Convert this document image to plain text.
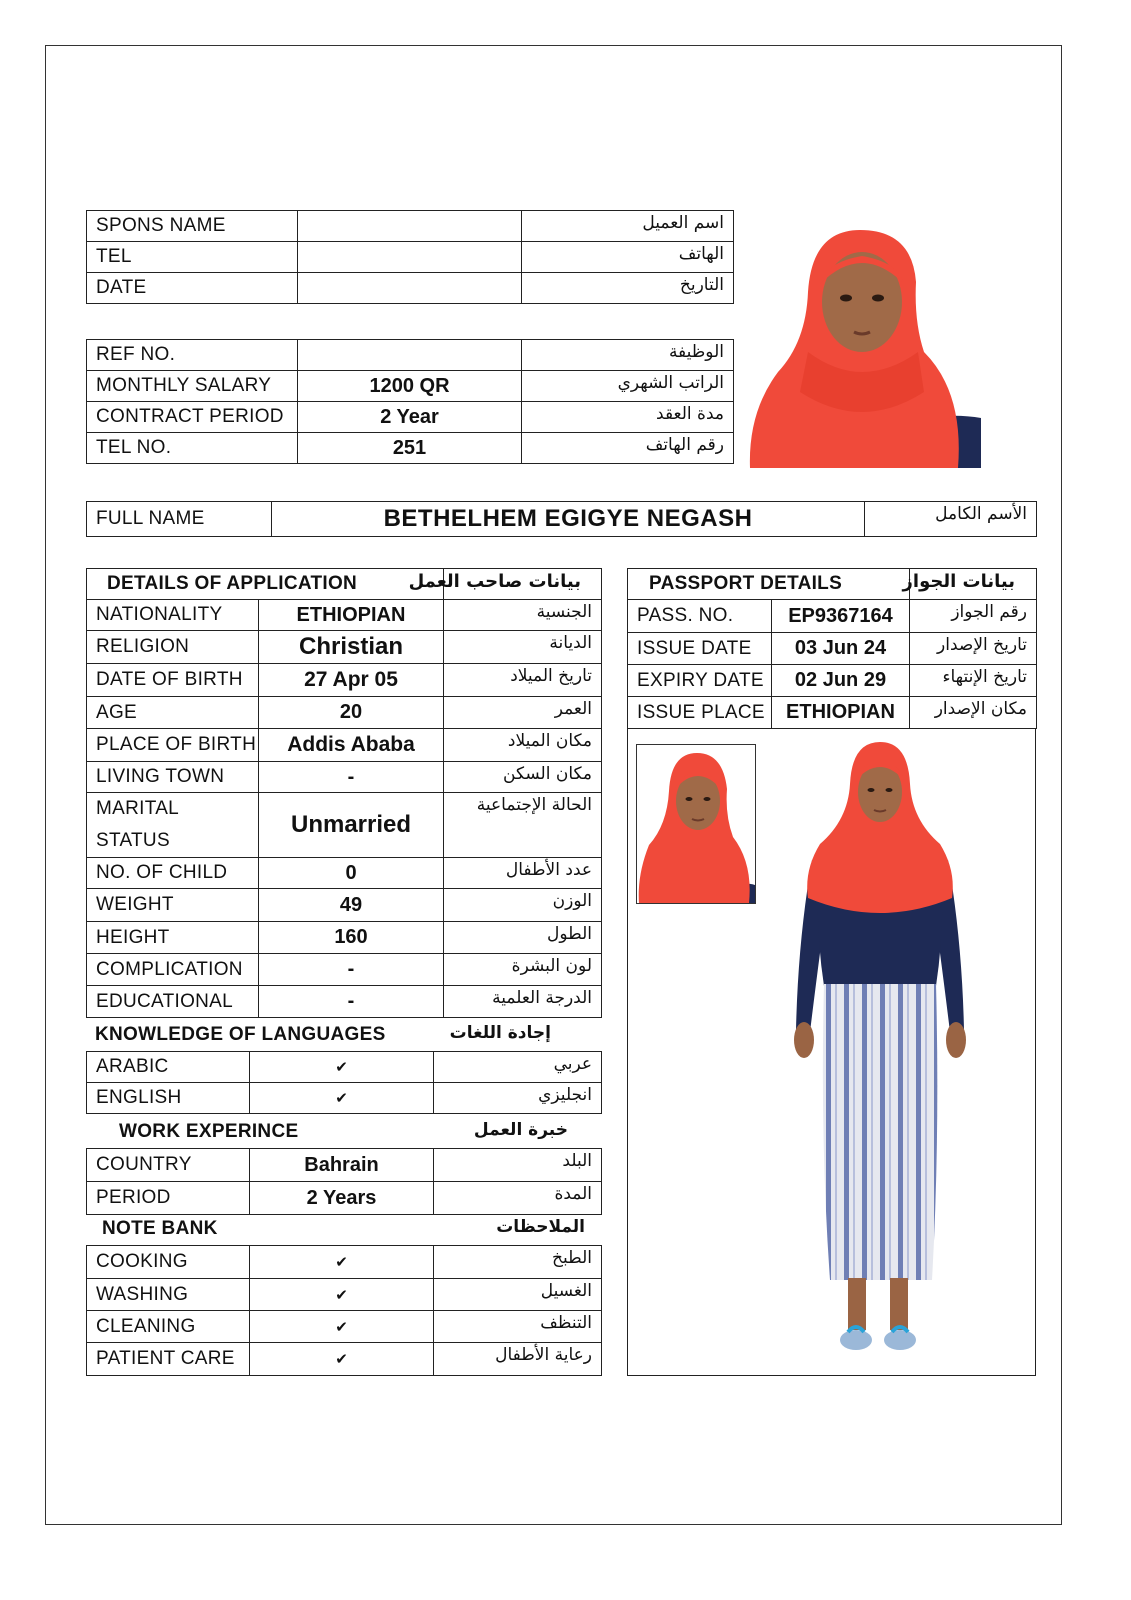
SPONS NAME		اسم العميل
TEL		الهاتف
DATE		التاريخ
REF NO.		الوظيفة
MONTHLY SALARY	1200 QR	الراتب الشهري
CONTRACT PERIOD	2 Year	مدة العقد
TEL NO.	251	رقم الهاتف
FULL NAME	BETHELHEM EGIGYE NEGASH	الأسم الكامل
DETAILS OF APPLICATION		بيانات صاحب العمل
NATIONALITY	ETHIOPIAN	الجنسية
RELIGION	Christian	الديانة
DATE OF BIRTH	27 Apr 05	تاريخ الميلاد
AGE	20	العمر
PLACE OF BIRTH	Addis Ababa	مكان الميلاد
LIVING TOWN	-	مكان السكن
MARITAL STATUS	Unmarried	الحالة الإجتماعية
NO. OF CHILD	0	عدد الأطفال
WEIGHT	49	الوزن
HEIGHT	160	الطول
COMPLICATION	-	لون البشرة
EDUCATIONAL	-	الدرجة العلمية
KNOWLEDGE OF LANGUAGES	إجادة اللغات
ARABIC	✔	عربي
ENGLISH	✔	انجليزي
WORK EXPERINCE	خبرة العمل
COUNTRY	Bahrain	البلد
PERIOD	2 Years	المدة
NOTE BANK	الملاحظات
COOKING	✔	الطبخ
WASHING	✔	الغسيل
CLEANING	✔	التنظف
PATIENT CARE	✔	رعاية الأطفال
PASSPORT DETAILS		بيانات الجواز
PASS. NO.	EP9367164	رقم الجواز
ISSUE DATE	03 Jun 24	تاريخ الإصدار
EXPIRY DATE	02 Jun 29	تاريخ الإنتهاء
ISSUE PLACE	ETHIOPIAN	مكان الإصدار
